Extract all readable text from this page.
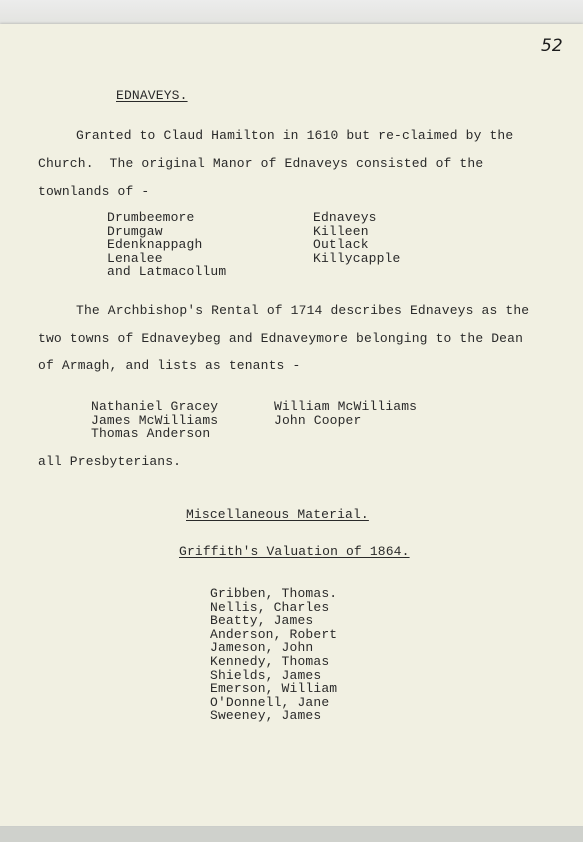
52
EDNAVEYS.
Granted to Claud Hamilton in 1610 but re-claimed by the
Church.  The original Manor of Ednaveys consisted of the
townlands of -
Drumbeemore
Drumgaw
Edenknappagh
Lenalee
and Latmacollum
Ednaveys
Killeen
Outlack
Killycapple
The Archbishop's Rental of 1714 describes Ednaveys as the
two towns of Ednaveybeg and Ednaveymore belonging to the Dean
of Armagh, and lists as tenants -
Nathaniel Gracey
James McWilliams
Thomas Anderson
William McWilliams
John Cooper
all Presbyterians.
Miscellaneous Material.
Griffith's Valuation of 1864.
Gribben, Thomas.
Nellis, Charles
Beatty, James
Anderson, Robert
Jameson, John
Kennedy, Thomas
Shields, James
Emerson, William
O'Donnell, Jane
Sweeney, James
